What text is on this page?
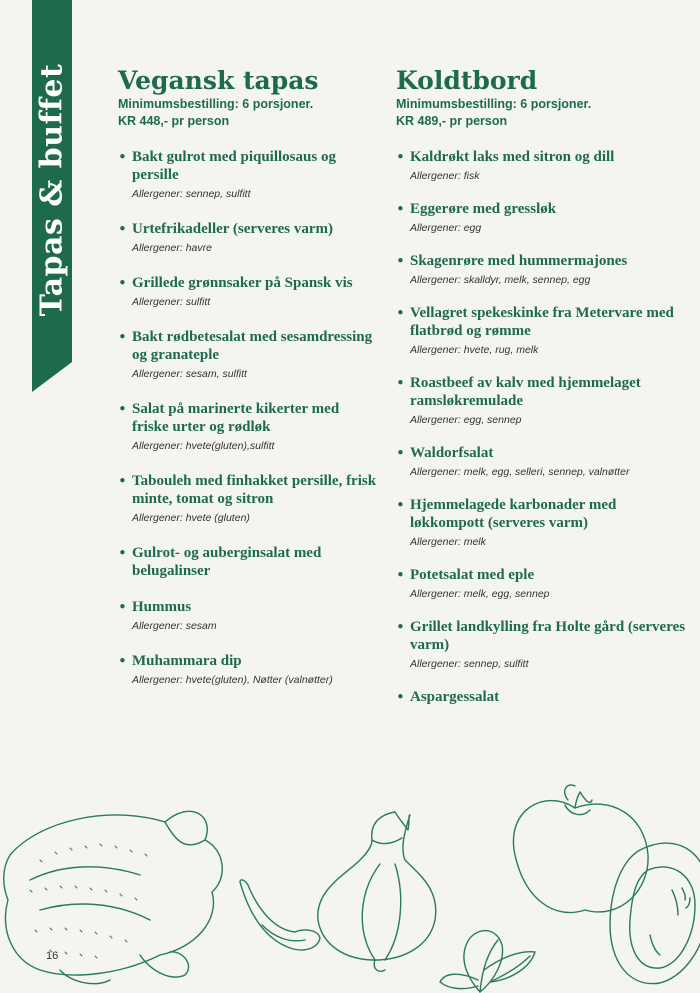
Tapas & buffet Vegansk tapas
Minimumsbestilling: 6 porsjoner.
KR 448,- pr person
• Bakt gulrot med piquillosaus og persille
Allergener: sennep, sulfitt
• Urtefrikadeller (serveres varm)
Allergener: havre
• Grillede grønnsaker på Spansk vis
Allergener: sulfitt
• Bakt rødbetesalat med sesamdressing og granateple
Allergener: sesam, sulfitt
• Salat på marinerte kikerter med friske urter og rødløk
Allergener: hvete(gluten),sulfitt
• Tabouleh med finhakket persille, frisk minte, tomat og sitron
Allergener: hvete (gluten)
• Gulrot- og auberginsalat med belugalinser
• Hummus
Allergener: sesam
• Muhammara dip
Allergener: hvete(gluten), Nøtter (valnøtter)
Koldtbord
Minimumsbestilling: 6 porsjoner.
KR 489,- pr person
• Kaldrøkt laks med sitron og dill
Allergener: fisk
• Eggerøre med gressløk
Allergener: egg
• Skagenrøre med hummermajones
Allergener: skalldyr, melk, sennep, egg
• Vellagret spekeskinke fra Metervare med flatbrød og rømme
Allergener: hvete, rug, melk
• Roastbeef av kalv med hjemmelaget ramsløkremulade
Allergener: egg, sennep
• Waldorfsalat
Allergener: melk, egg, selleri, sennep, valnøtter
• Hjemmelagede karbonader med løkkompott (serveres varm)
Allergener: melk
• Potetsalat med eple
Allergener: melk, egg, sennep
• Grillet landkylling fra Holte gård (serveres varm)
Allergener: sennep, sulfitt
• Aspargessalat
16
